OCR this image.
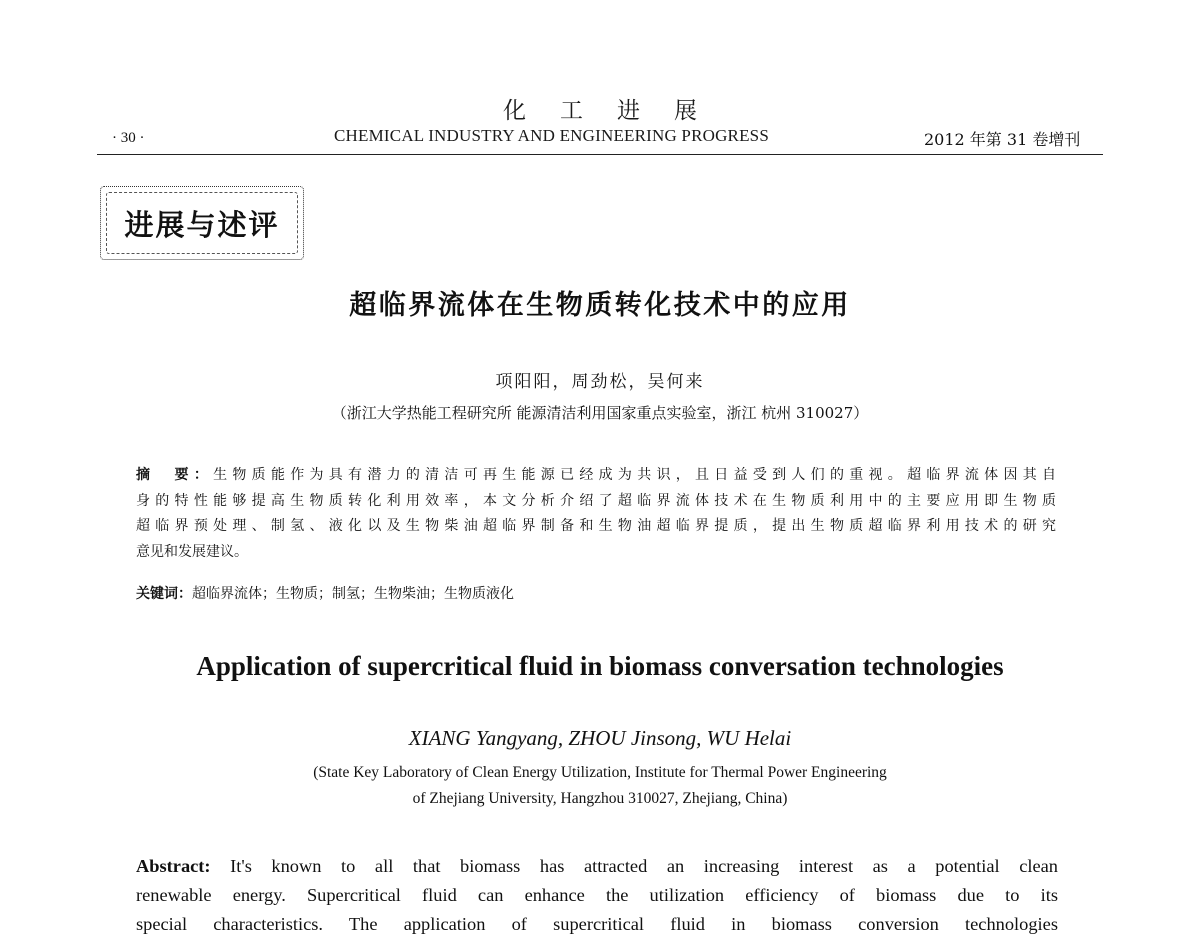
化工进展
· 30 ·	CHEMICAL INDUSTRY AND ENGINEERING PROGRESS	2012 年第 31 卷增刊
进展与述评
超临界流体在生物质转化技术中的应用
项阳阳，周劲松，吴何来
（浙江大学热能工程研究所 能源清洁利用国家重点实验室，浙江 杭州 310027）
摘　要：生物质能作为具有潜力的清洁可再生能源已经成为共识，且日益受到人们的重视。超临界流体因其自
身的特性能够提高生物质转化利用效率，本文分析介绍了超临界流体技术在生物质利用中的主要应用即生物质
超临界预处理、制氢、液化以及生物柴油超临界制备和生物油超临界提质，提出生物质超临界利用技术的研究
意见和发展建议。
关键词：超临界流体；生物质；制氢；生物柴油；生物质液化
Application of supercritical fluid in biomass conversation technologies
XIANG Yangyang, ZHOU Jinsong, WU Helai
(State Key Laboratory of Clean Energy Utilization, Institute for Thermal Power Engineering
of Zhejiang University, Hangzhou 310027, Zhejiang, China)
Abstract: It's known to all that biomass has attracted an increasing interest as a potential clean
renewable energy. Supercritical fluid can enhance the utilization efficiency of biomass due to its
special characteristics. The application of supercritical fluid in biomass conversion technologies
